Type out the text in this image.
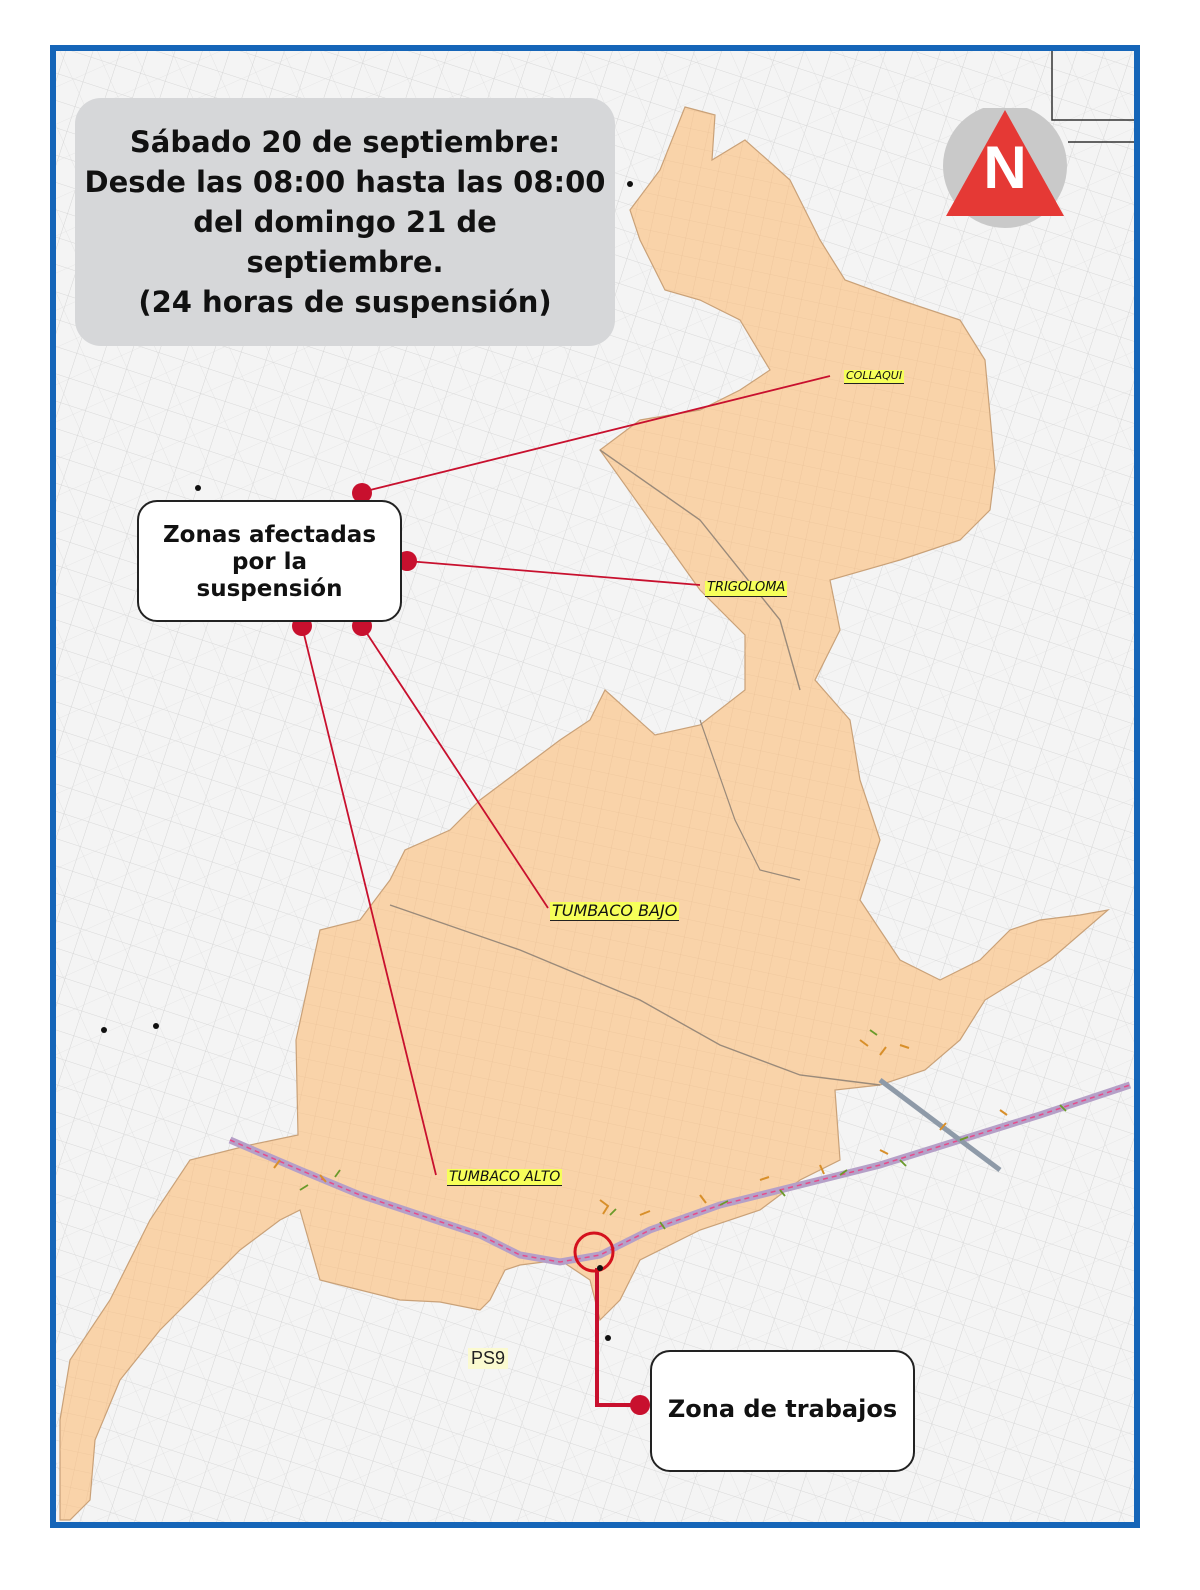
N
Sábado 20 de septiembre:
Desde las 08:00 hasta las 08:00
del domingo 21 de
septiembre.
(24 horas de suspensión)
Zonas afectadas
por la
suspensión
Zona de trabajos
COLLAQUI
TRIGOLOMA
TUMBACO BAJO
TUMBACO ALTO
PS9
